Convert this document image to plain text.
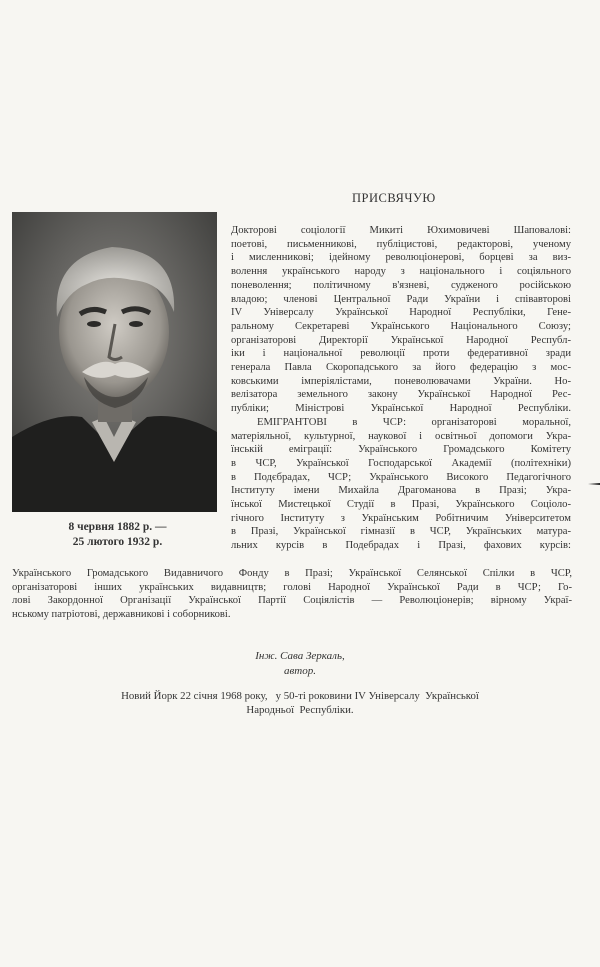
ПРИСВЯЧУЮ
8 червня 1882 р. —
25 лютого 1932 р.
Докторові соціології Микиті Юхимовичеві Шаповалові:
поетові, письменникові, публіцистові, редакторові, ученому
і мисленникові; ідейному революціонерові, борцеві за виз-
волення українського народу з національного і соціяльного
поневолення; політичному в'язневі, судженого російською
владою; членові Центральної Ради України і співавторові
IV Універсалу Української Народної Республіки, Гене-
ральному Секретареві Українського Національного Союзу;
організаторові Директорії Української Народної Республ-
іки і національної революції проти федеративної зради
генерала Павла Скоропадського за його федерацію з мос-
ковськими імперіялістами, поневолювачами України. Но-
велізатора земельного закону Української Народної Рес-
публіки; Міністрові Української Народної Республіки.
ЕМІГРАНТОВІ в ЧСР: організаторові моральної,
матеріяльної, культурної, наукової і освітньої допомоги Укра-
їнській еміграції: Українського Громадського Комітету
в ЧСР, Української Господарської Академії (політехніки)
в Подєбрадах, ЧСР; Українського Високого Педагогічного
Інституту імени Михайла Драгоманова в Празі; Укра-
їнської Мистецької Студії в Празі, Українського Соціоло-
гічного Інституту з Українським Робітничим Університетом
в Празі, Української гімназії в ЧСР, Українських матура-
льних курсів в Подебрадах і Празі, фахових курсів:
Українського Громадського Видавничого Фонду в Празі; Української Селянської Спілки в ЧСР,
організаторові інших українських видавництв; голові Народної Української Ради в ЧСР; Го-
лові Закордонної Організації Української Партії Соціялістів — Революціонерів; вірному Украї-
нському патріотові, державникові і соборникові.
Інж. Сава Зеркаль,
автор.
Новий Йорк 22 січня 1968 року,   у 50-ті роковини IV Універсалу  Української
Народньої  Республіки.
